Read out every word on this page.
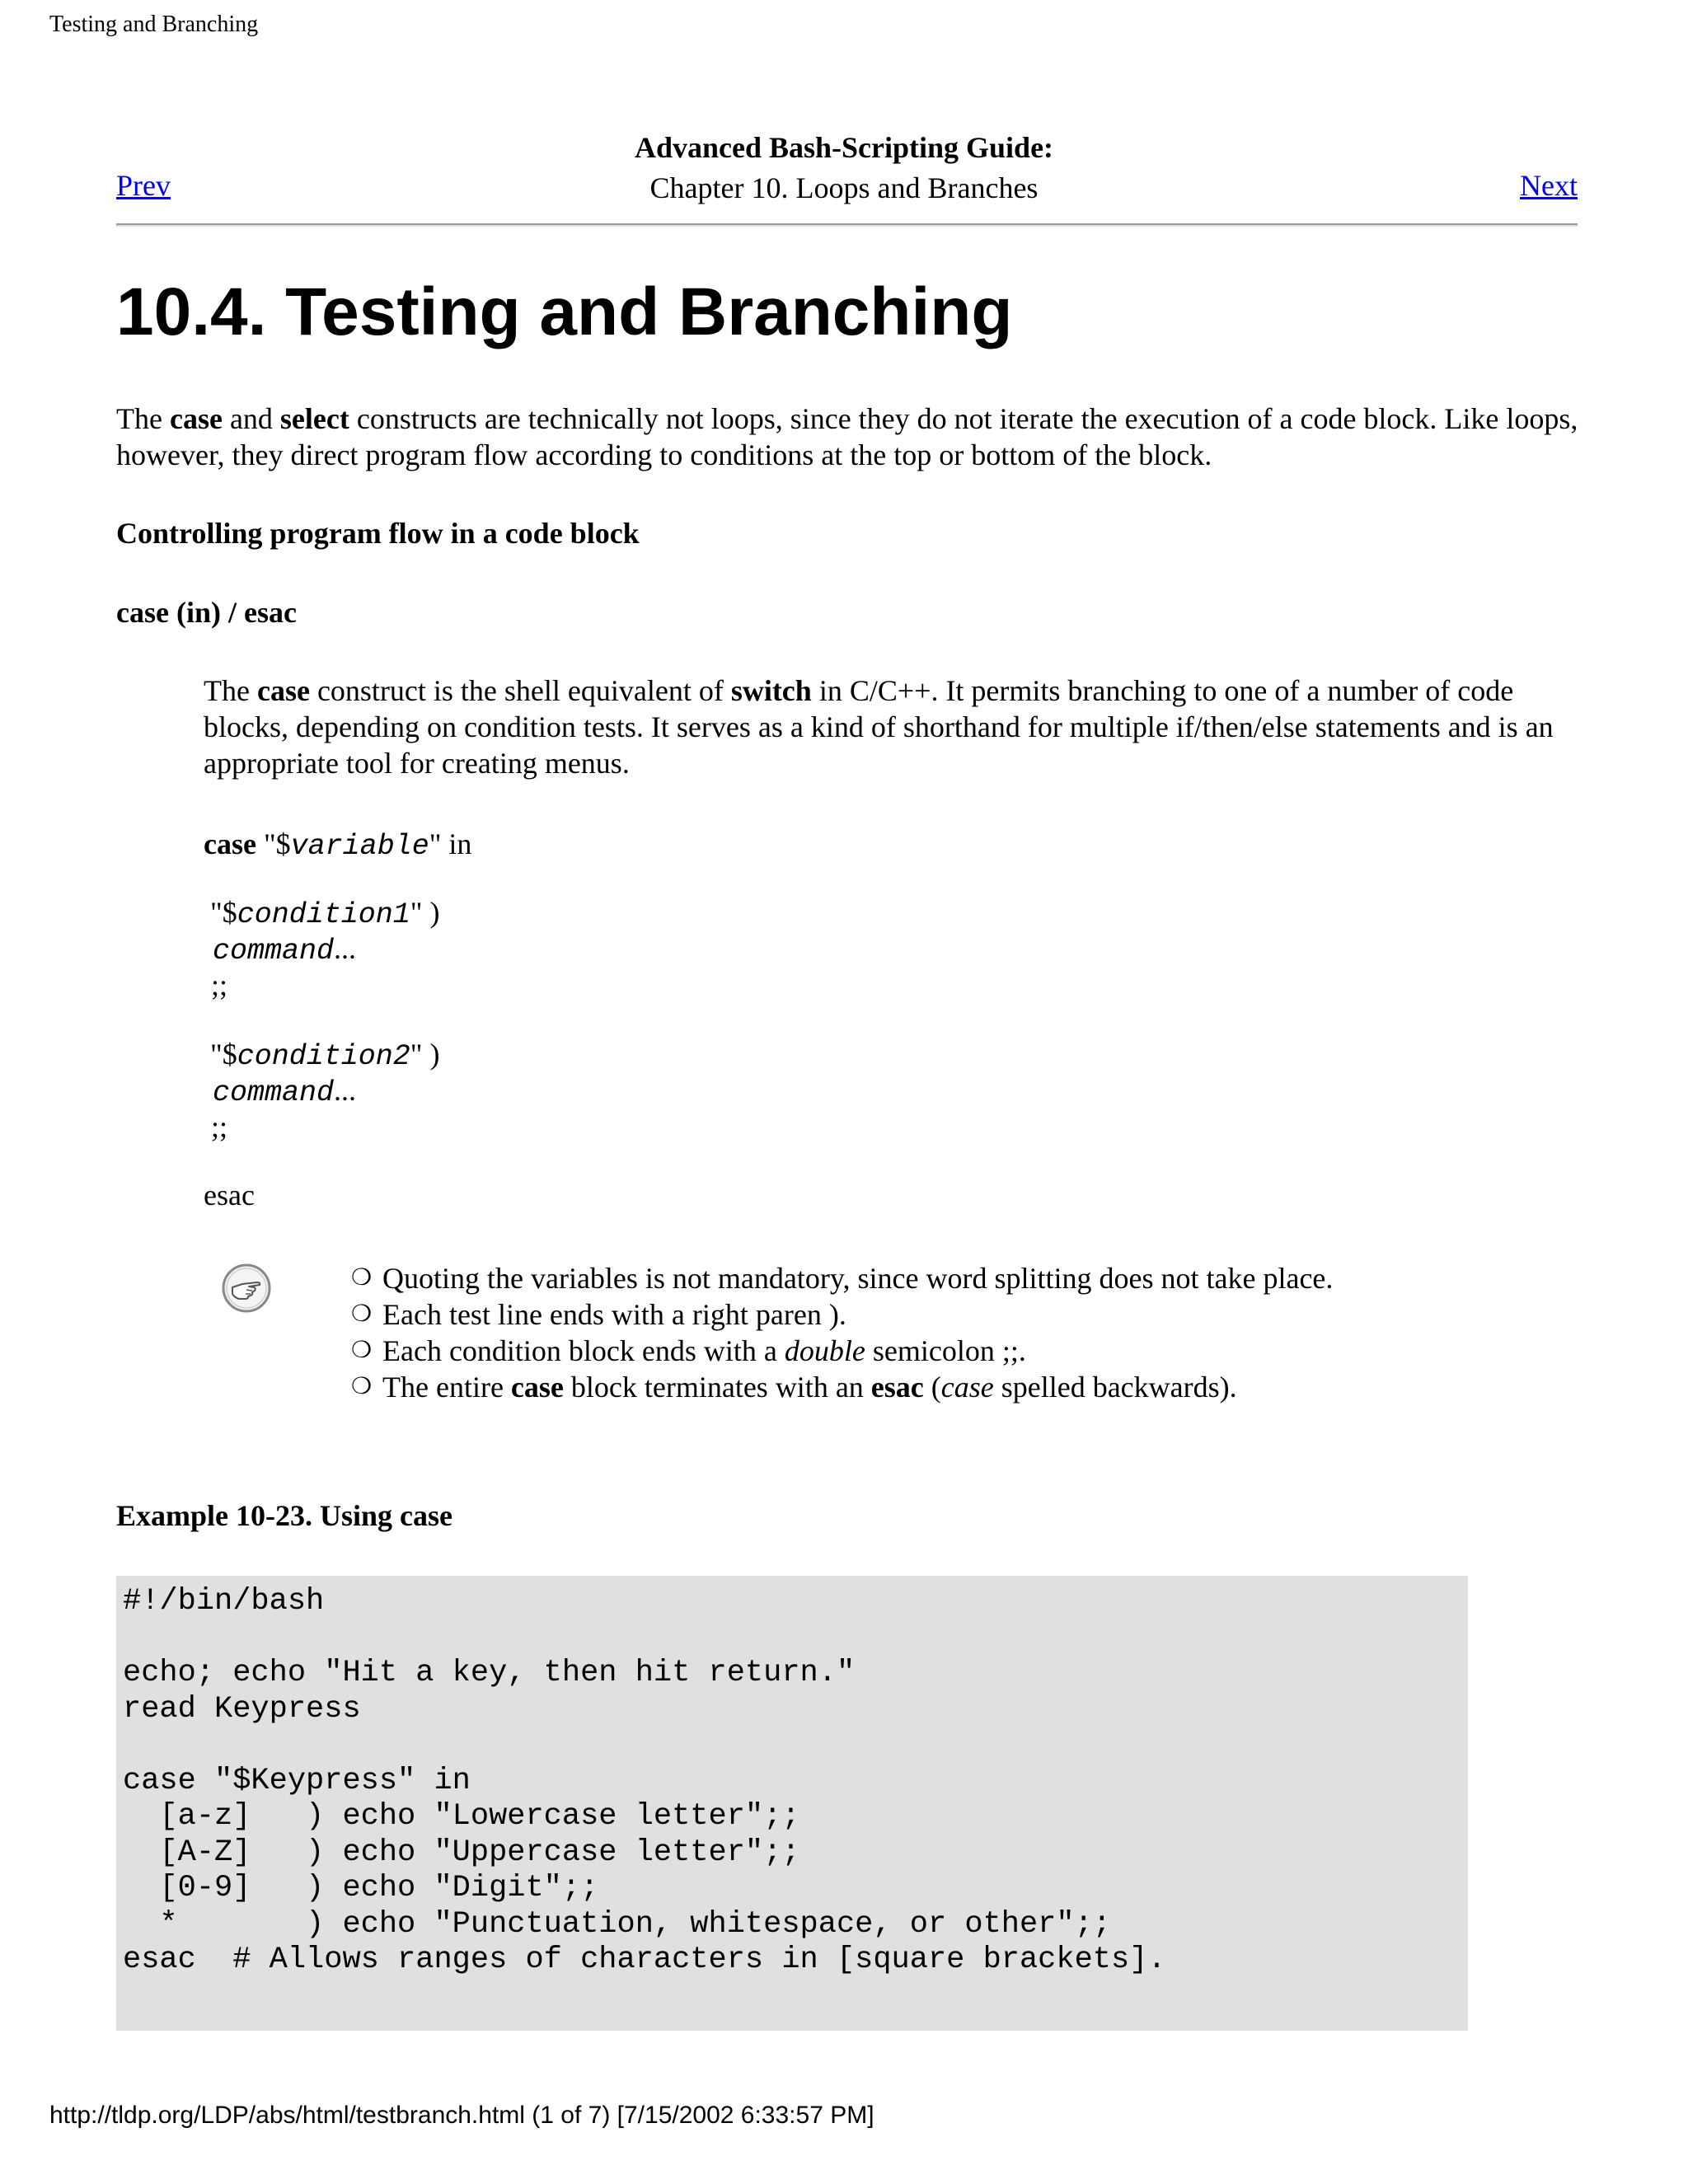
Testing and Branching
Advanced Bash-Scripting Guide:
Chapter 10. Loops and Branches
Prev	Next
10.4. Testing and Branching

The case and select constructs are technically not loops, since they do not iterate the execution of a code block. Like loops, however, they direct program flow according to conditions at the top or bottom of the block.

Controlling program flow in a code block
case (in) / esac

The case construct is the shell equivalent of switch in C/C++. It permits branching to one of a number of code blocks, depending on condition tests. It serves as a kind of shorthand for multiple if/then/else statements and is an appropriate tool for creating menus.

case "$variable" in
"$condition1" )
command...
;;
"$condition2" )
command...
;;
esac
❍ Quoting the variables is not mandatory, since word splitting does not take place.
❍ Each test line ends with a right paren ).
❍ Each condition block ends with a double semicolon ;;.
❍ The entire case block terminates with an esac (case spelled backwards).
Example 10-23. Using case
#!/bin/bash

echo; echo "Hit a key, then hit return."
read Keypress

case "$Keypress" in
[a-z]   ) echo "Lowercase letter";;
[A-Z]   ) echo "Uppercase letter";;
[0-9]   ) echo "Digit";;
*       ) echo "Punctuation, whitespace, or other";;
esac  # Allows ranges of characters in [square brackets].
http://tldp.org/LDP/abs/html/testbranch.html (1 of 7) [7/15/2002 6:33:57 PM]
